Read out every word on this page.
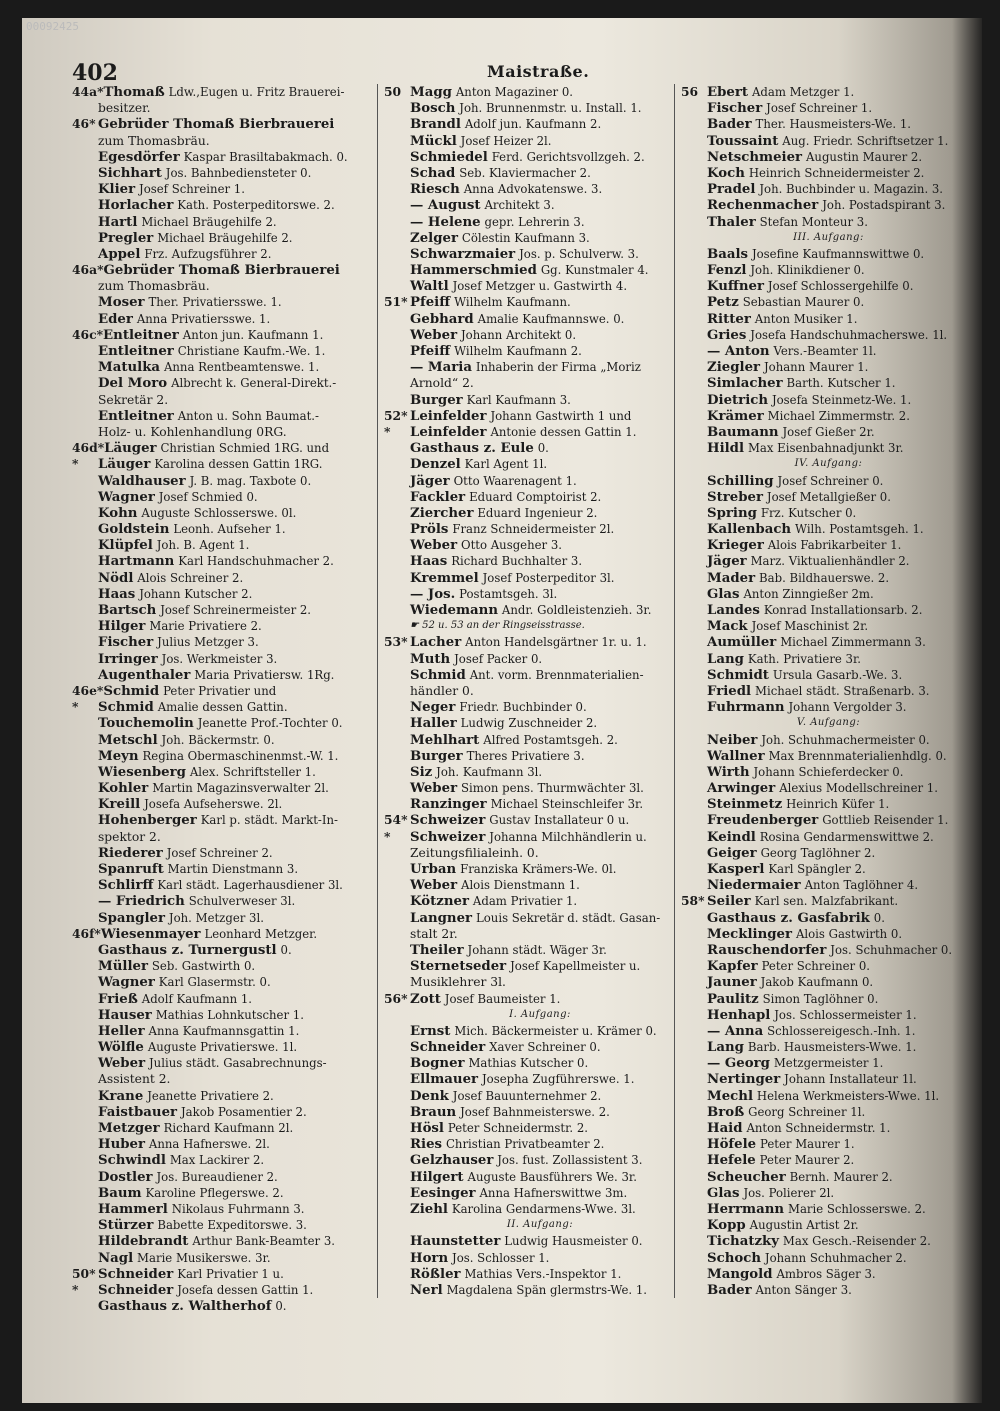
00092425
402	Maistraße.
44a*Thomaß Ldw.,Eugen u. Fritz Brauerei-
besitzer.
46* Gebrüder Thomaß Bierbrauerei
zum Thomasbräu.
Egesdörfer Kaspar Brasiltabakmach. 0.
Sichhart Jos. Bahnbediensteter 0.
Klier Josef Schreiner 1.
Horlacher Kath. Posterpeditorswe. 2.
Hartl Michael Bräugehilfe 2.
Pregler Michael Bräugehilfe 2.
Appel Frz. Aufzugsführer 2.
46a*Gebrüder Thomaß Bierbrauerei
zum Thomasbräu.
Moser Ther. Privatiersswe. 1.
Eder Anna Privatiersswe. 1.
46c*Entleitner Anton jun. Kaufmann 1.
Entleitner Christiane Kaufm.-We. 1.
Matulka Anna Rentbeamtenswe. 1.
Del Moro Albrecht k. General-Direkt.-
Sekretär 2.
Entleitner Anton u. Sohn Baumat.-
Holz- u. Kohlenhandlung 0RG.
46d*Läuger Christian Schmied 1RG. und
* Läuger Karolina dessen Gattin 1RG.
Waldhauser J. B. mag. Taxbote 0.
Wagner Josef Schmied 0.
Kohn Auguste Schlosserswe. 0l.
Goldstein Leonh. Aufseher 1.
Klüpfel Joh. B. Agent 1.
Hartmann Karl Handschuhmacher 2.
Nödl Alois Schreiner 2.
Haas Johann Kutscher 2.
Bartsch Josef Schreinermeister 2.
Hilger Marie Privatiere 2.
Fischer Julius Metzger 3.
Irringer Jos. Werkmeister 3.
Augenthaler Maria Privatiersw. 1Rg.
46e*Schmid Peter Privatier und
* Schmid Amalie dessen Gattin.
Touchemolin Jeanette Prof.-Tochter 0.
Metschl Joh. Bäckermstr. 0.
Meyn Regina Obermaschinenmst.-W. 1.
Wiesenberg Alex. Schriftsteller 1.
Kohler Martin Magazinsverwalter 2l.
Kreill Josefa Aufseherswe. 2l.
Hohenberger Karl p. städt. Markt-In-
spektor 2.
Riederer Josef Schreiner 2.
Spanruft Martin Dienstmann 3.
Schlirff Karl städt. Lagerhausdiener 3l.
— Friedrich Schulverweser 3l.
Spangler Joh. Metzger 3l.
46f*Wiesenmayer Leonhard Metzger.
Gasthaus z. Turnergustl 0.
Müller Seb. Gastwirth 0.
Wagner Karl Glasermstr. 0.
Frieß Adolf Kaufmann 1.
Hauser Mathias Lohnkutscher 1.
Heller Anna Kaufmannsgattin 1.
Wölfle Auguste Privatierswe. 1l.
Weber Julius städt. Gasabrechnungs-
Assistent 2.
Krane Jeanette Privatiere 2.
Faistbauer Jakob Posamentier 2.
Metzger Richard Kaufmann 2l.
Huber Anna Hafnerswe. 2l.
Schwindl Max Lackirer 2.
Dostler Jos. Bureaudiener 2.
Baum Karoline Pflegerswe. 2.
Hammerl Nikolaus Fuhrmann 3.
Stürzer Babette Expeditorswe. 3.
Hildebrandt Arthur Bank-Beamter 3.
Nagl Marie Musikerswe. 3r.
50* Schneider Karl Privatier 1 u.
* Schneider Josefa dessen Gattin 1.
Gasthaus z. Waltherhof 0.
50 Magg Anton Magaziner 0.
Bosch Joh. Brunnenmstr. u. Install. 1.
Brandl Adolf jun. Kaufmann 2.
Mückl Josef Heizer 2l.
Schmiedel Ferd. Gerichtsvollzgeh. 2.
Schad Seb. Klaviermacher 2.
Riesch Anna Advokatenswe. 3.
— August Architekt 3.
— Helene gepr. Lehrerin 3.
Zelger Cölestin Kaufmann 3.
Schwarzmaier Jos. p. Schulverw. 3.
Hammerschmied Gg. Kunstmaler 4.
Waltl Josef Metzger u. Gastwirth 4.
51* Pfeiff Wilhelm Kaufmann.
Gebhard Amalie Kaufmannswe. 0.
Weber Johann Architekt 0.
Pfeiff Wilhelm Kaufmann 2.
— Maria Inhaberin der Firma „Moriz
Arnold“ 2.
Burger Karl Kaufmann 3.
52* Leinfelder Johann Gastwirth 1 und
* Leinfelder Antonie dessen Gattin 1.
Gasthaus z. Eule 0.
Denzel Karl Agent 1l.
Jäger Otto Waarenagent 1.
Fackler Eduard Comptoirist 2.
Ziercher Eduard Ingenieur 2.
Pröls Franz Schneidermeister 2l.
Weber Otto Ausgeher 3.
Haas Richard Buchhalter 3.
Kremmel Josef Posterpeditor 3l.
— Jos. Postamtsgeh. 3l.
Wiedemann Andr. Goldleistenzieh. 3r.
☛ 52 u. 53 an der Ringseisstrasse.
53* Lacher Anton Handelsgärtner 1r. u. 1.
Muth Josef Packer 0.
Schmid Ant. vorm. Brennmaterialien-
händler 0.
Neger Friedr. Buchbinder 0.
Haller Ludwig Zuschneider 2.
Mehlhart Alfred Postamtsgeh. 2.
Burger Theres Privatiere 3.
Siz Joh. Kaufmann 3l.
Weber Simon pens. Thurmwächter 3l.
Ranzinger Michael Steinschleifer 3r.
54* Schweizer Gustav Installateur 0 u.
* Schweizer Johanna Milchhändlerin u.
Zeitungsfilialeinh. 0.
Urban Franziska Krämers-We. 0l.
Weber Alois Dienstmann 1.
Kötzner Adam Privatier 1.
Langner Louis Sekretär d. städt. Gasan-
stalt 2r.
Theiler Johann städt. Wäger 3r.
Sternetseder Josef Kapellmeister u.
Musiklehrer 3l.
56* Zott Josef Baumeister 1.
I. Aufgang:
Ernst Mich. Bäckermeister u. Krämer 0.
Schneider Xaver Schreiner 0.
Bogner Mathias Kutscher 0.
Ellmauer Josepha Zugführerswe. 1.
Denk Josef Bauunternehmer 2.
Braun Josef Bahnmeisterswe. 2.
Hösl Peter Schneidermstr. 2.
Ries Christian Privatbeamter 2.
Gelzhauser Jos. fust. Zollassistent 3.
Hilgert Auguste Bausführers We. 3r.
Eesinger Anna Hafnerswittwe 3m.
Ziehl Karolina Gendarmens-Wwe. 3l.
II. Aufgang:
Haunstetter Ludwig Hausmeister 0.
Horn Jos. Schlosser 1.
Rößler Mathias Vers.-Inspektor 1.
Nerl Magdalena Spän glermstrs-We. 1.
56 Ebert Adam Metzger 1.
Fischer Josef Schreiner 1.
Bader Ther. Hausmeisters-We. 1.
Toussaint Aug. Friedr. Schriftsetzer 1.
Netschmeier Augustin Maurer 2.
Koch Heinrich Schneidermeister 2.
Pradel Joh. Buchbinder u. Magazin. 3.
Rechenmacher Joh. Postadspirant 3.
Thaler Stefan Monteur 3.
III. Aufgang:
Baals Josefine Kaufmannswittwe 0.
Fenzl Joh. Klinikdiener 0.
Kuffner Josef Schlossergehilfe 0.
Petz Sebastian Maurer 0.
Ritter Anton Musiker 1.
Gries Josefa Handschuhmacherswe. 1l.
— Anton Vers.-Beamter 1l.
Ziegler Johann Maurer 1.
Simlacher Barth. Kutscher 1.
Dietrich Josefa Steinmetz-We. 1.
Krämer Michael Zimmermstr. 2.
Baumann Josef Gießer 2r.
Hildl Max Eisenbahnadjunkt 3r.
IV. Aufgang:
Schilling Josef Schreiner 0.
Streber Josef Metallgießer 0.
Spring Frz. Kutscher 0.
Kallenbach Wilh. Postamtsgeh. 1.
Krieger Alois Fabrikarbeiter 1.
Jäger Marz. Viktualienhändler 2.
Mader Bab. Bildhauerswe. 2.
Glas Anton Zinngießer 2m.
Landes Konrad Installationsarb. 2.
Mack Josef Maschinist 2r.
Aumüller Michael Zimmermann 3.
Lang Kath. Privatiere 3r.
Schmidt Ursula Gasarb.-We. 3.
Friedl Michael städt. Straßenarb. 3.
Fuhrmann Johann Vergolder 3.
V. Aufgang:
Neiber Joh. Schuhmachermeister 0.
Wallner Max Brennmaterialienhdlg. 0.
Wirth Johann Schieferdecker 0.
Arwinger Alexius Modellschreiner 1.
Steinmetz Heinrich Küfer 1.
Freudenberger Gottlieb Reisender 1.
Keindl Rosina Gendarmenswittwe 2.
Geiger Georg Taglöhner 2.
Kasperl Karl Spängler 2.
Niedermaier Anton Taglöhner 4.
58* Seiler Karl sen. Malzfabrikant.
Gasthaus z. Gasfabrik 0.
Mecklinger Alois Gastwirth 0.
Rauschendorfer Jos. Schuhmacher 0.
Kapfer Peter Schreiner 0.
Jauner Jakob Kaufmann 0.
Paulitz Simon Taglöhner 0.
Henhapl Jos. Schlossermeister 1.
— Anna Schlossereigesch.-Inh. 1.
Lang Barb. Hausmeisters-Wwe. 1.
— Georg Metzgermeister 1.
Nertinger Johann Installateur 1l.
Mechl Helena Werkmeisters-Wwe. 1l.
Broß Georg Schreiner 1l.
Haid Anton Schneidermstr. 1.
Höfele Peter Maurer 1.
Hefele Peter Maurer 2.
Scheucher Bernh. Maurer 2.
Glas Jos. Polierer 2l.
Herrmann Marie Schlosserswe. 2.
Kopp Augustin Artist 2r.
Tichatzky Max Gesch.-Reisender 2.
Schoch Johann Schuhmacher 2.
Mangold Ambros Säger 3.
Bader Anton Sänger 3.
